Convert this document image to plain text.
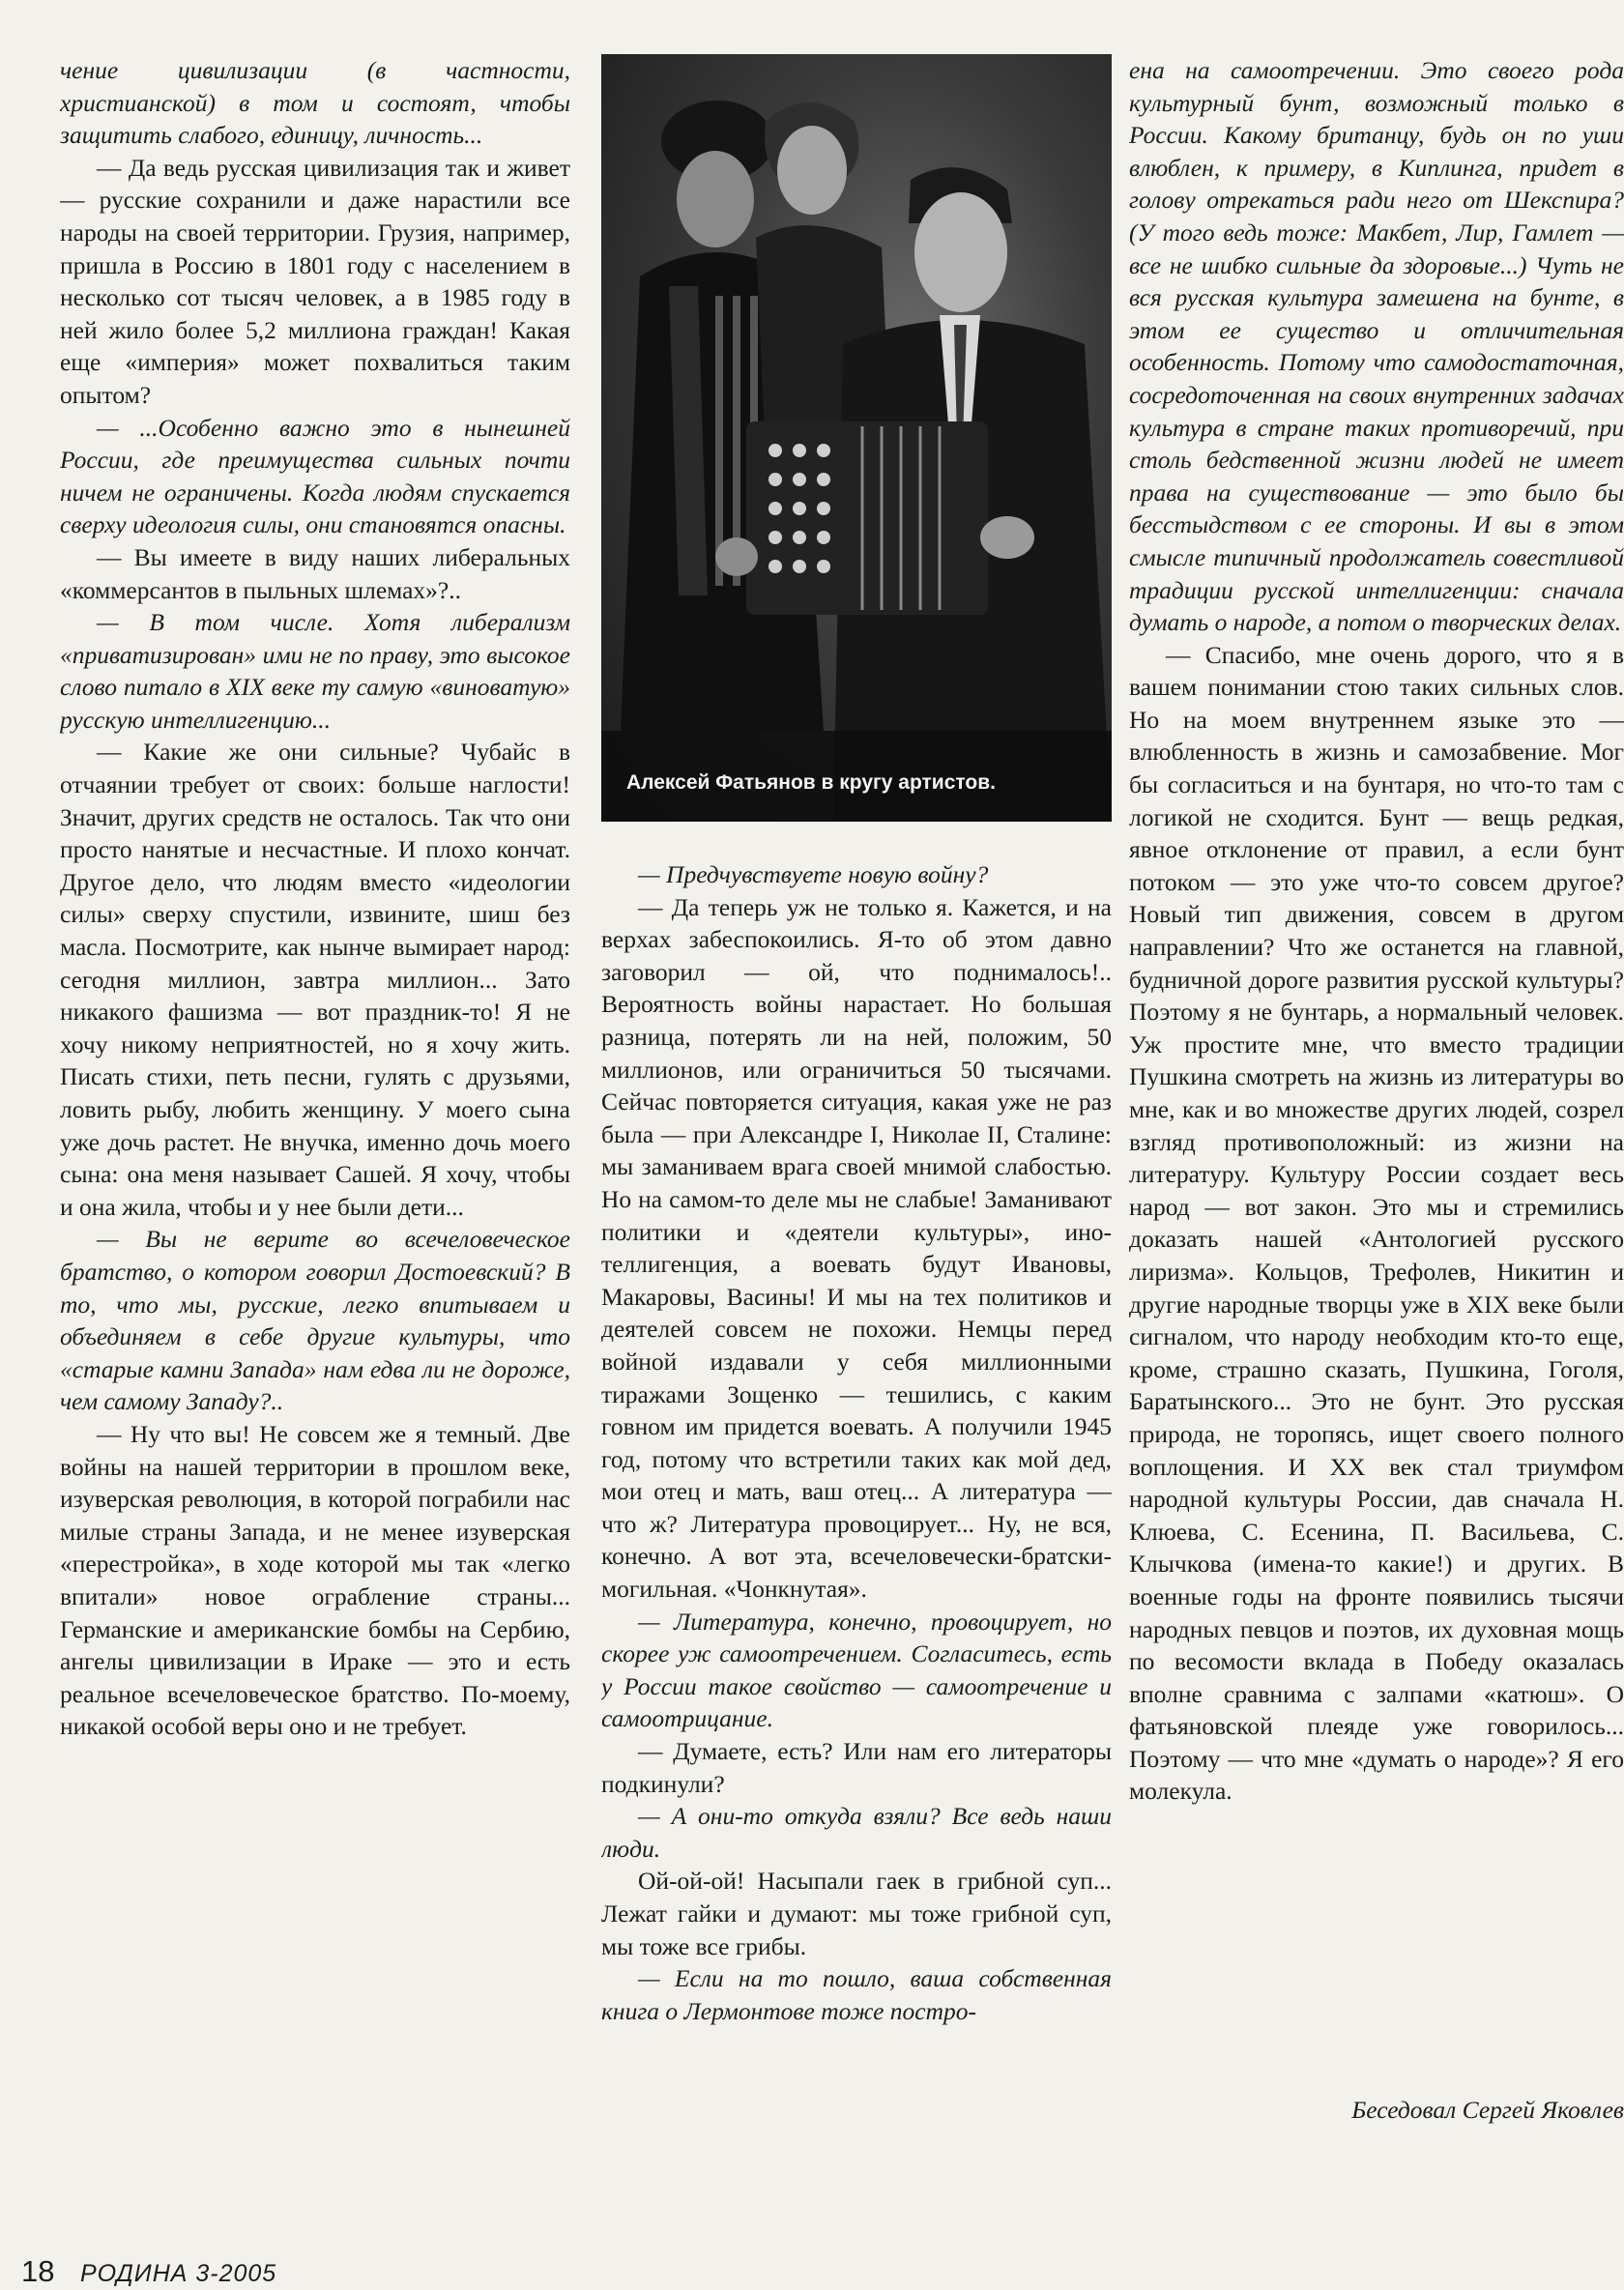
чение цивилизации (в частности, христианской) в том и состоят, чтобы защитить слабого, единицу, личность...

— Да ведь русская цивилизация так и живет — русские сохранили и даже нарастили все народы на своей территории. Грузия, например, пришла в Россию в 1801 году с населением в несколько сот тысяч человек, а в 1985 году в ней жило более 5,2 миллиона граждан! Какая еще «империя» может похвалиться таким опытом?

— ...Особенно важно это в нынешней России, где преимущества сильных почти ничем не ограничены. Когда людям спускается сверху идеология силы, они становятся опасны.

— Вы имеете в виду наших либеральных «коммерсантов в пыльных шлемах»?..

— В том числе. Хотя либерализм «приватизирован» ими не по праву, это высокое слово питало в XIX веке ту самую «виноватую» русскую интеллигенцию...

— Какие же они сильные? Чубайс в отчаянии требует от своих: больше наглости! Значит, других средств не осталось. Так что они просто нанятые и несчастные. И плохо кончат. Другое дело, что людям вместо «идеологии силы» сверху спустили, извините, шиш без масла. Посмотрите, как нынче вымирает народ: сегодня миллион, завтра миллион... Зато никакого фашизма — вот праздник-то! Я не хочу никому неприятностей, но я хочу жить. Писать стихи, петь песни, гулять с друзьями, ловить рыбу, любить женщину. У моего сына уже дочь растет. Не внучка, именно дочь моего сына: она меня называет Сашей. Я хочу, чтобы и она жила, чтобы и у нее были дети...

— Вы не верите во всечеловеческое братство, о котором говорил Достоевский? В то, что мы, русские, легко впитываем и объединяем в себе другие культуры, что «старые камни Запада» нам едва ли не дороже, чем самому Западу?..

— Ну что вы! Не совсем же я темный. Две войны на нашей территории в прошлом веке, изуверская революция, в которой пограбили нас милые страны Запада, и не менее изуверская «перестройка», в ходе которой мы так «легко впитали» новое ограбление страны... Германские и американские бомбы на Сербию, ангелы цивилизации в Ираке — это и есть реальное всечеловеческое братство. По-моему, никакой особой веры оно и не требует.

Алексей Фатьянов в кругу артистов.

— Предчувствуете новую войну?

— Да теперь уж не только я. Кажется, и на верхах забеспокоились. Я-то об этом давно заговорил — ой, что поднималось!.. Вероятность войны нарастает. Но большая разница, потерять ли на ней, положим, 50 миллионов, или ограничиться 50 тысячами. Сейчас повторяется ситуация, какая уже не раз была — при Александре I, Николае II, Сталине: мы заманиваем врага своей мнимой слабостью. Но на самом-то деле мы не слабые! Заманивают политики и «деятели культуры», ино-теллигенция, а воевать будут Ивановы, Макаровы, Васины! И мы на тех политиков и деятелей совсем не похожи. Немцы перед войной издавали у себя миллионными тиражами Зощенко — тешились, с каким говном им придется воевать. А получили 1945 год, потому что встретили таких как мой дед, мои отец и мать, ваш отец... А литература — что ж? Литература провоцирует... Ну, не вся, конечно. А вот эта, всечеловечески-братски-могильная. «Чонкнутая».

— Литература, конечно, провоцирует, но скорее уж самоотречением. Согласитесь, есть у России такое свойство — самоотречение и самоотрицание.

— Думаете, есть? Или нам его литераторы подкинули?

— А они-то откуда взяли? Все ведь наши люди.

Ой-ой-ой! Насыпали гаек в грибной суп... Лежат гайки и думают: мы тоже грибной суп, мы тоже все грибы.

— Если на то пошло, ваша собственная книга о Лермонтове тоже постро-

ена на самоотречении. Это своего рода культурный бунт, возможный только в России. Какому британцу, будь он по уши влюблен, к примеру, в Киплинга, придет в голову отрекаться ради него от Шекспира? (У того ведь тоже: Макбет, Лир, Гамлет — все не шибко сильные да здоровые...) Чуть не вся русская культура замешена на бунте, в этом ее существо и отличительная особенность. Потому что самодостаточная, сосредоточенная на своих внутренних задачах культура в стране таких противоречий, при столь бедственной жизни людей не имеет права на существование — это было бы бесстыдством с ее стороны. И вы в этом смысле типичный продолжатель совестливой традиции русской интеллигенции: сначала думать о народе, а потом о творческих делах.

— Спасибо, мне очень дорого, что я в вашем понимании стою таких сильных слов. Но на моем внутреннем языке это — влюбленность в жизнь и самозабвение. Мог бы согласиться и на бунтаря, но что-то там с логикой не сходится. Бунт — вещь редкая, явное отклонение от правил, а если бунт потоком — это уже что-то совсем другое? Новый тип движения, совсем в другом направлении? Что же останется на главной, будничной дороге развития русской культуры? Поэтому я не бунтарь, а нормальный человек. Уж простите мне, что вместо традиции Пушкина смотреть на жизнь из литературы во мне, как и во множестве других людей, созрел взгляд противоположный: из жизни на литературу. Культуру России создает весь народ — вот закон. Это мы и стремились доказать нашей «Антологией русского лиризма». Кольцов, Трефолев, Никитин и другие народные творцы уже в XIX веке были сигналом, что народу необходим кто-то еще, кроме, страшно сказать, Пушкина, Гоголя, Баратынского... Это не бунт. Это русская природа, не торопясь, ищет своего полного воплощения. И XX век стал триумфом народной культуры России, дав сначала Н. Клюева, С. Есенина, П. Васильева, С. Клычкова (имена-то какие!) и других. В военные годы на фронте появились тысячи народных певцов и поэтов, их духовная мощь по весомости вклада в Победу оказалась вполне сравнима с залпами «катюш». О фатьяновской плеяде уже говорилось... Поэтому — что мне «думать о народе»? Я его молекула.

Беседовал Сергей Яковлев
18 РОДИНА 3-2005
